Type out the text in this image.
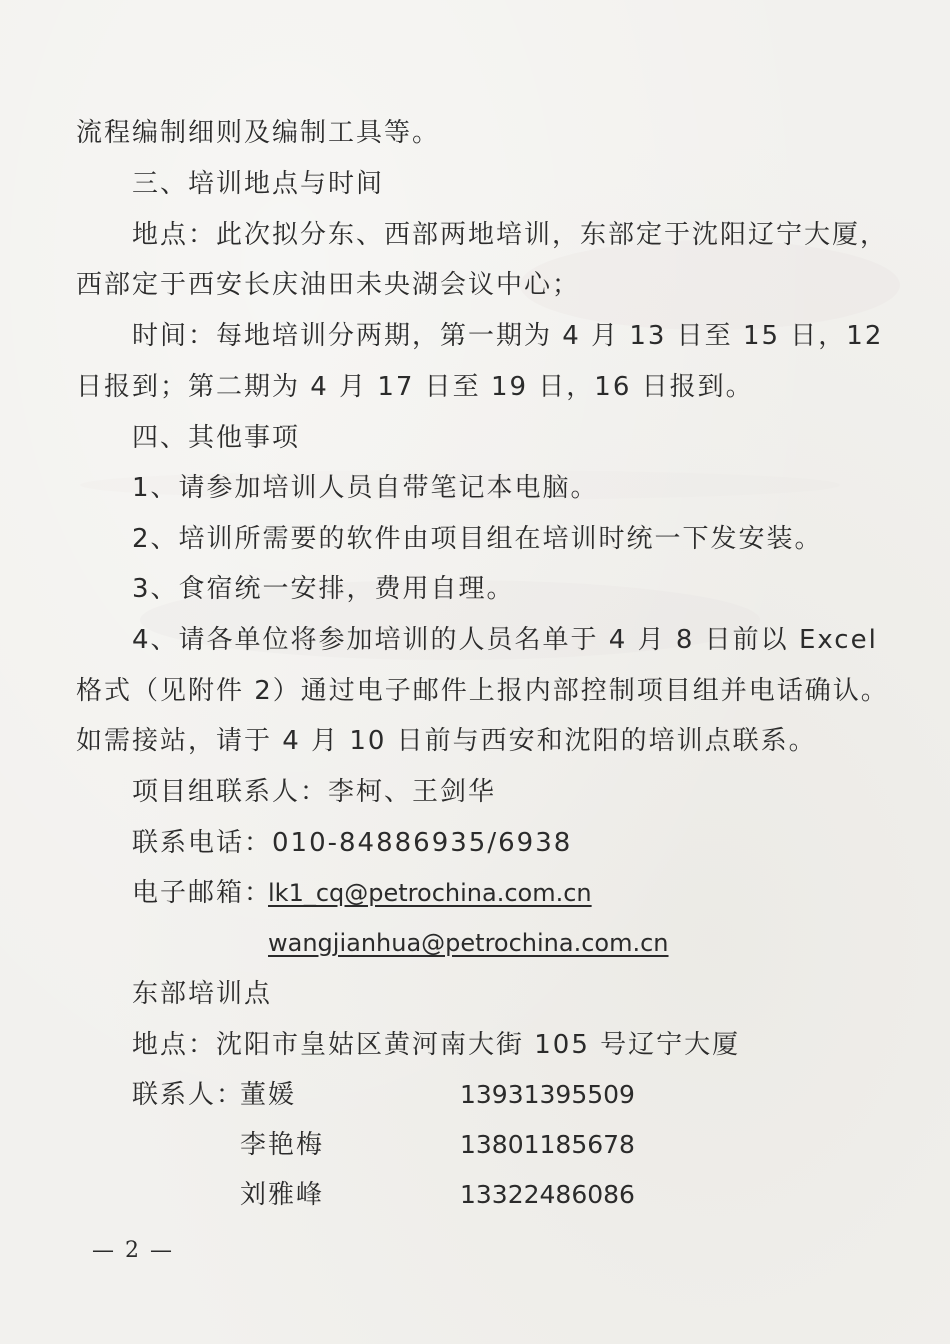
流程编制细则及编制工具等。
三、培训地点与时间
地点：此次拟分东、西部两地培训，东部定于沈阳辽宁大厦，
西部定于西安长庆油田未央湖会议中心；
时间：每地培训分两期，第一期为 4 月 13 日至 15 日，12
日报到；第二期为 4 月 17 日至 19 日，16 日报到。
四、其他事项
1、请参加培训人员自带笔记本电脑。
2、培训所需要的软件由项目组在培训时统一下发安装。
3、食宿统一安排，费用自理。
4、请各单位将参加培训的人员名单于 4 月 8 日前以 Excel
格式（见附件 2）通过电子邮件上报内部控制项目组并电话确认。
如需接站，请于 4 月 10 日前与西安和沈阳的培训点联系。
项目组联系人：李柯、王剑华
联系电话：010-84886935/6938
电子邮箱：
lk1_cq@petrochina.com.cn
wangjianhua@petrochina.com.cn
东部培训点
地点：沈阳市皇姑区黄河南大街 105 号辽宁大厦
联系人：
董媛	13931395509
李艳梅	13801185678
刘雅峰	13322486086
— 2 —
